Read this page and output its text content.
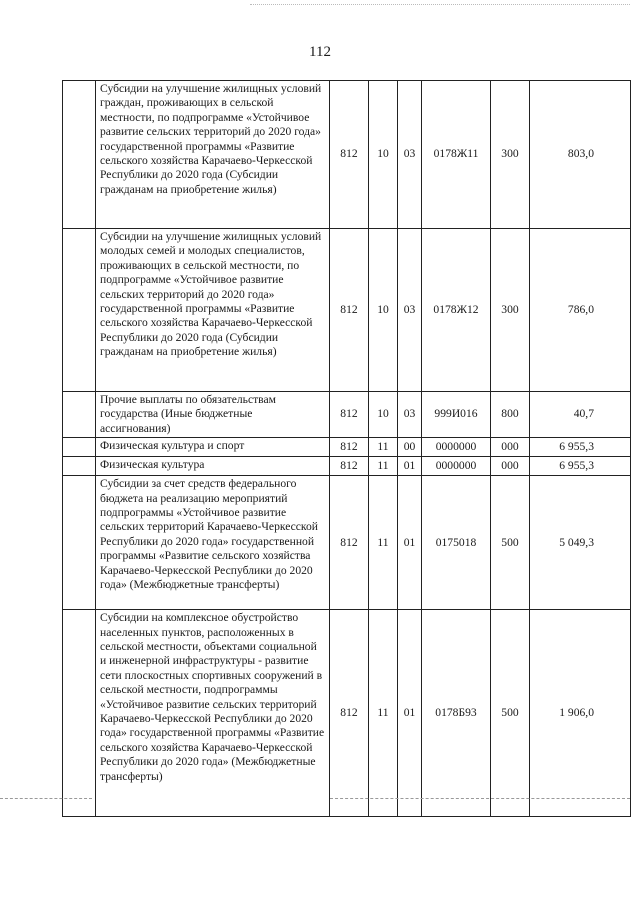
112
	Субсидии на улучшение жилищных условий граждан, проживающих в сельской местности, по подпрограмме «Устойчивое развитие сельских территорий до 2020 года» государственной программы «Развитие сельского хозяйства Карачаево-Черкесской Республики до 2020 года (Субсидии гражданам на приобретение жилья)	812	10	03	0178Ж11	300	803,0
	Субсидии на улучшение жилищных условий молодых семей и молодых специалистов, проживающих в сельской местности, по подпрограмме «Устойчивое развитие сельских территорий до 2020 года» государственной программы «Развитие сельского хозяйства Карачаево-Черкесской Республики до 2020 года (Субсидии гражданам на приобретение жилья)	812	10	03	0178Ж12	300	786,0
	Прочие выплаты по обязательствам государства (Иные бюджетные ассигнования)	812	10	03	999И016	800	40,7
	Физическая культура и спорт	812	11	00	0000000	000	6 955,3
	Физическая культура	812	11	01	0000000	000	6 955,3
	Субсидии за счет средств федерального бюджета на реализацию мероприятий подпрограммы «Устойчивое развитие сельских территорий Карачаево-Черкесской Республики до 2020 года» государственной программы «Развитие сельского хозяйства Карачаево-Черкесской Республики до 2020 года» (Межбюджетные трансферты)	812	11	01	0175018	500	5 049,3
	Субсидии на комплексное обустройство населенных пунктов, расположенных в сельской местности, объектами социальной и инженерной инфраструктуры - развитие сети плоскостных спортивных сооружений в сельской местности, подпрограммы «Устойчивое развитие сельских территорий Карачаево-Черкесской Республики до 2020 года» государственной программы «Развитие сельского хозяйства Карачаево-Черкесской Республики до 2020 года» (Межбюджетные трансферты)	812	11	01	0178Б93	500	1 906,0
